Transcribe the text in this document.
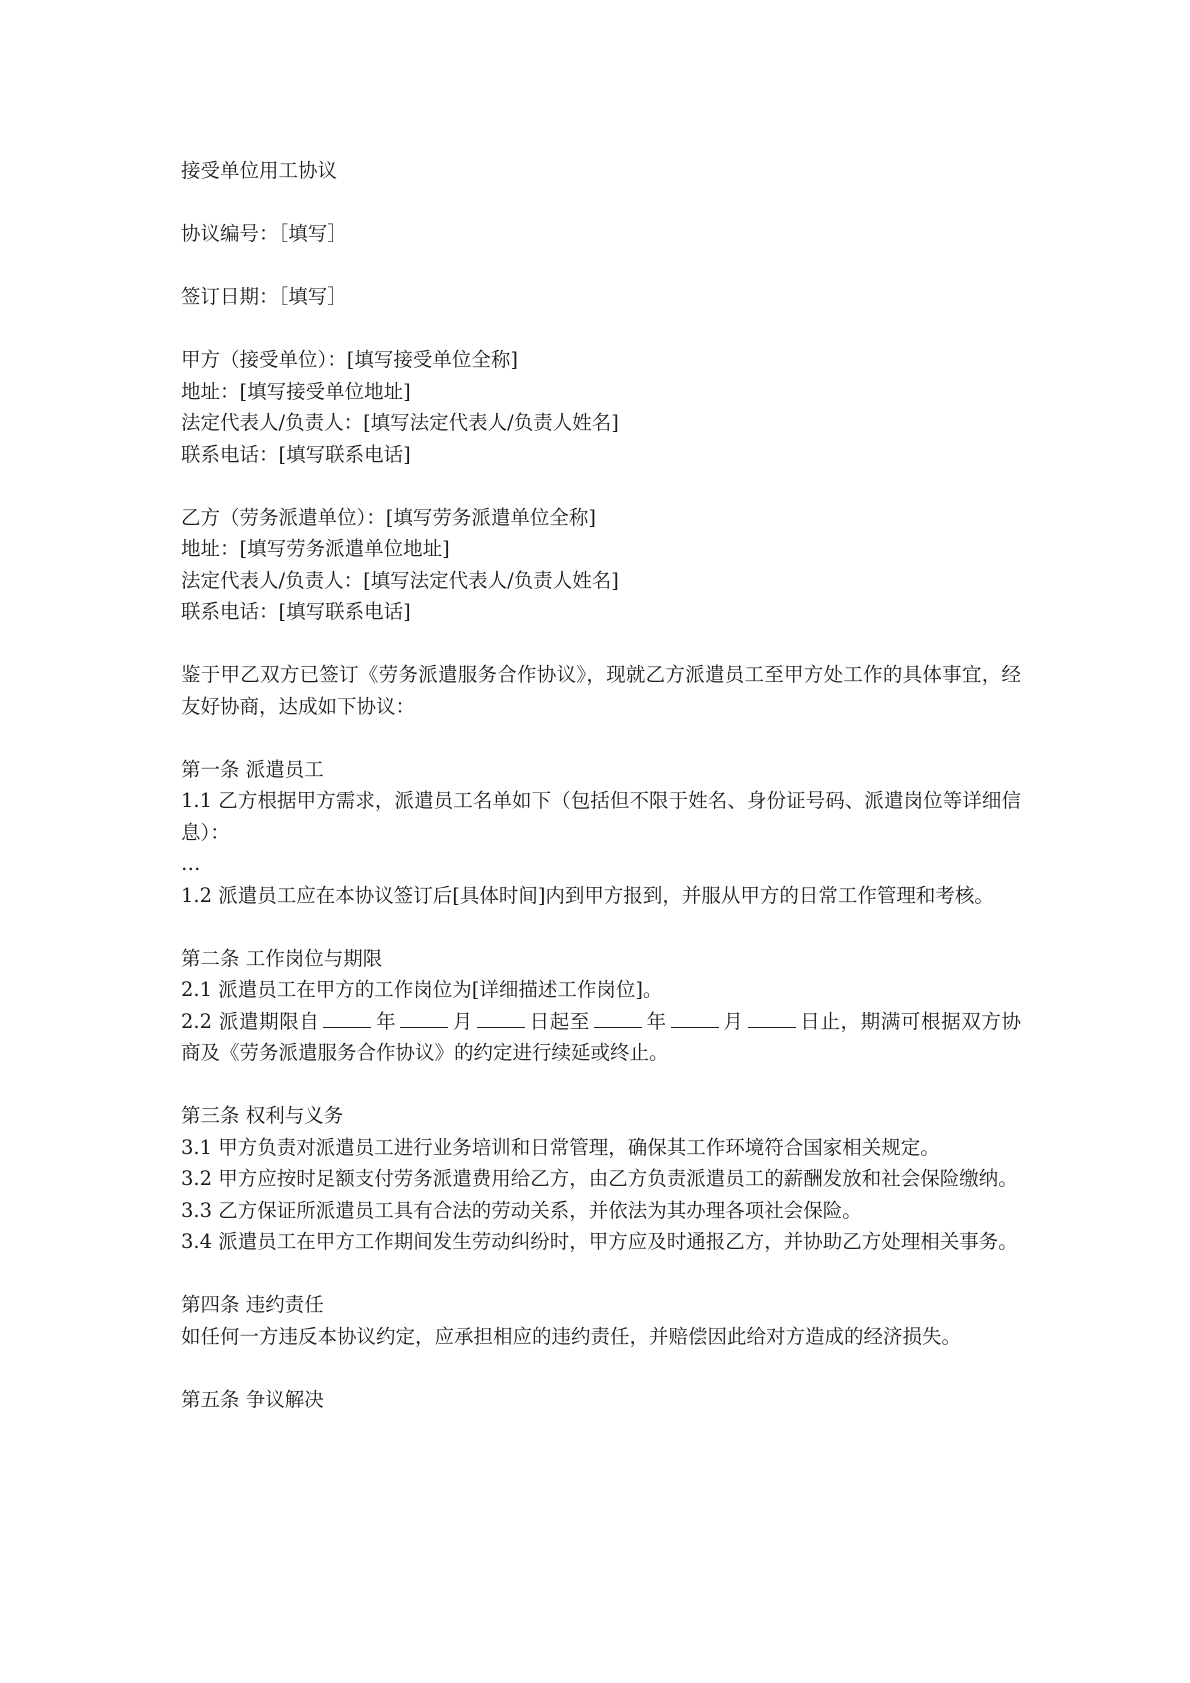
接受单位用工协议
协议编号：［填写］
签订日期：［填写］
甲方（接受单位）：[填写接受单位全称]
地址：[填写接受单位地址]
法定代表人/负责人：[填写法定代表人/负责人姓名]
联系电话：[填写联系电话]
乙方（劳务派遣单位）：[填写劳务派遣单位全称]
地址：[填写劳务派遣单位地址]
法定代表人/负责人：[填写法定代表人/负责人姓名]
联系电话：[填写联系电话]
鉴于甲乙双方已签订《劳务派遣服务合作协议》，现就乙方派遣员工至甲方处工作的具体事宜，经友好协商，达成如下协议：
第一条 派遣员工
1.1 乙方根据甲方需求，派遣员工名单如下（包括但不限于姓名、身份证号码、派遣岗位等详细信息）：
…
1.2 派遣员工应在本协议签订后[具体时间]内到甲方报到，并服从甲方的日常工作管理和考核。
第二条 工作岗位与期限
2.1 派遣员工在甲方的工作岗位为[详细描述工作岗位]。
2.2 派遣期限自	年	月	日起至	年	月	日止，期满可根据双方协商及《劳务派遣服务合作协议》的约定进行续延或终止。
第三条 权利与义务
3.1 甲方负责对派遣员工进行业务培训和日常管理，确保其工作环境符合国家相关规定。
3.2 甲方应按时足额支付劳务派遣费用给乙方，由乙方负责派遣员工的薪酬发放和社会保险缴纳。
3.3 乙方保证所派遣员工具有合法的劳动关系，并依法为其办理各项社会保险。
3.4 派遣员工在甲方工作期间发生劳动纠纷时，甲方应及时通报乙方，并协助乙方处理相关事务。
第四条 违约责任
如任何一方违反本协议约定，应承担相应的违约责任，并赔偿因此给对方造成的经济损失。
第五条 争议解决
